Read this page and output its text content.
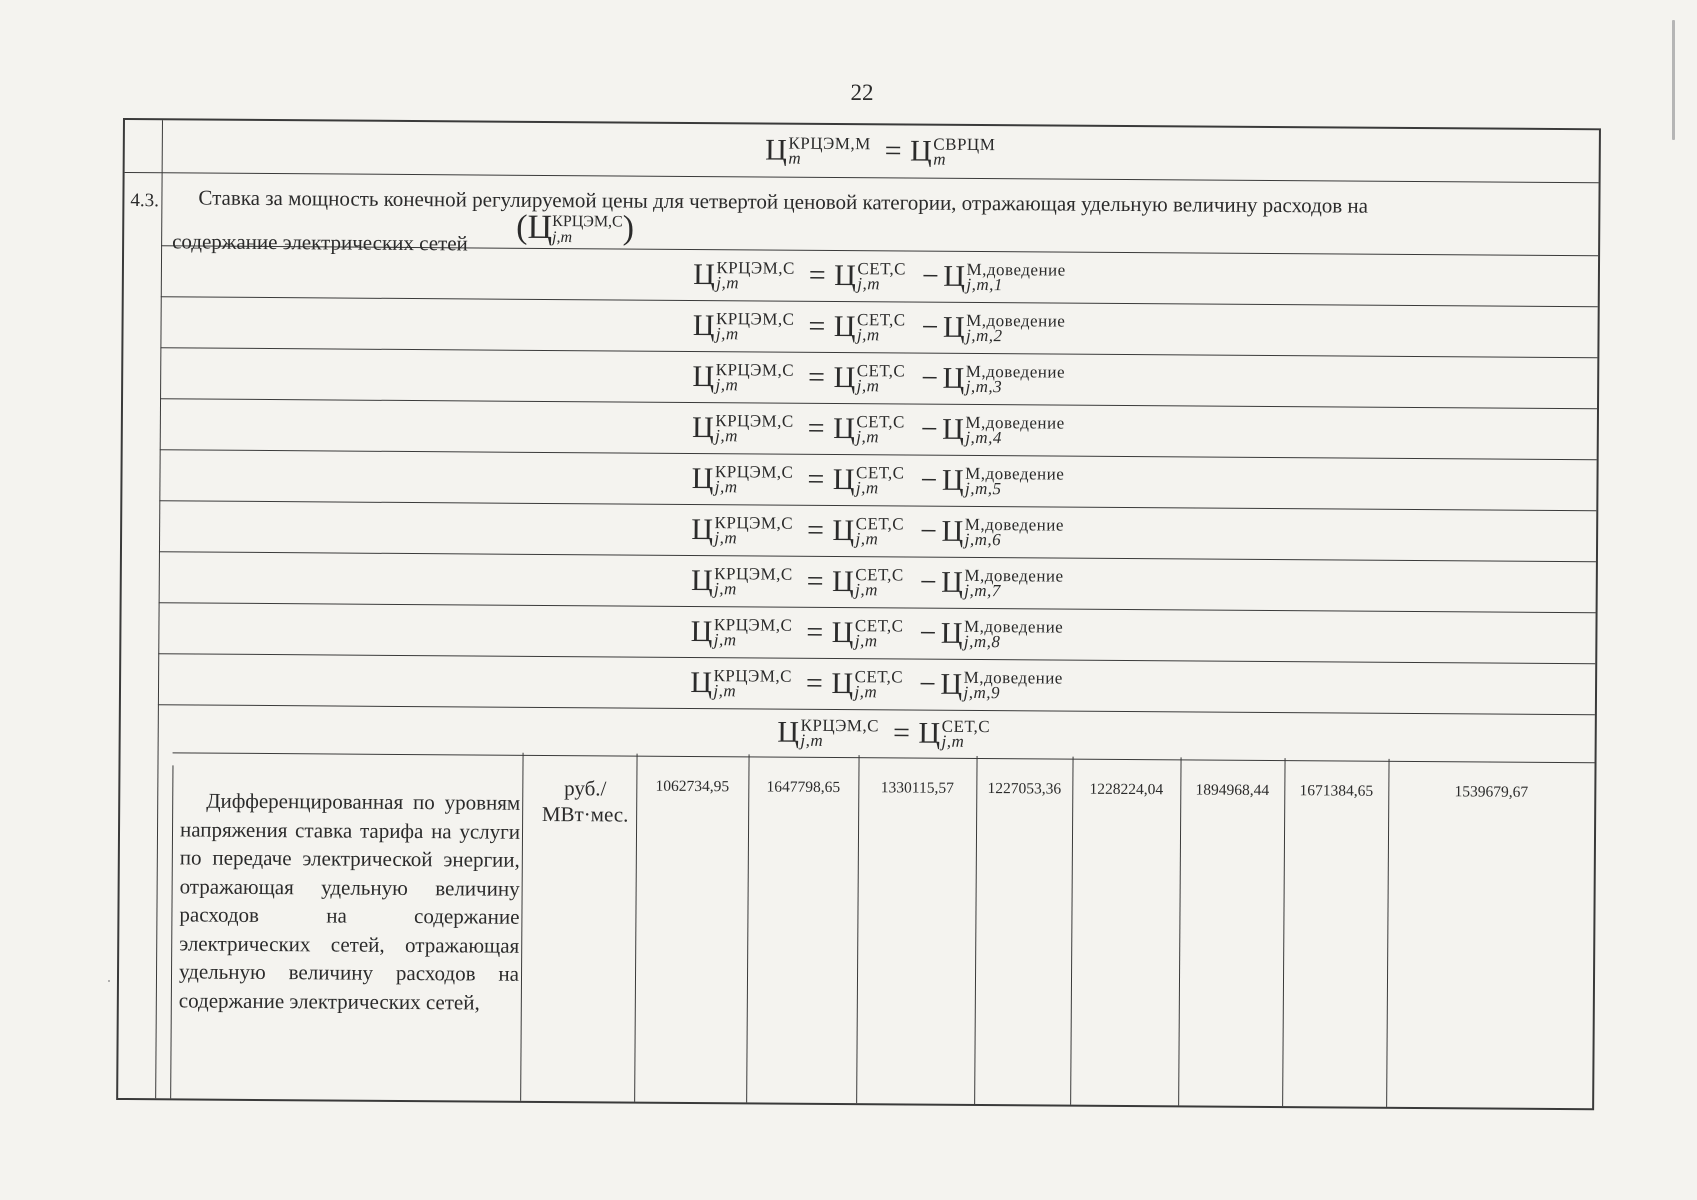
22
Ц КРЦЭМ,М
m	= Ц СВРЦМ
m
4.3.	Ставка за мощность конечной регулируемой цены для четвертой ценовой категории, отражающая удельную величину расходов на
содержание электрических сетей	(Ц КРЦЭМ,С
j,m	)
Ц КРЦЭМ,С
j,m	= Ц СЕТ,С
j,m	− Ц М,доведение
j,m,1
Ц КРЦЭМ,С
j,m	= Ц СЕТ,С
j,m	− Ц М,доведение
j,m,2
Ц КРЦЭМ,С
j,m	= Ц СЕТ,С
j,m	− Ц М,доведение
j,m,3
Ц КРЦЭМ,С
j,m	= Ц СЕТ,С
j,m	− Ц М,доведение
j,m,4
Ц КРЦЭМ,С
j,m	= Ц СЕТ,С
j,m	− Ц М,доведение
j,m,5
Ц КРЦЭМ,С
j,m	= Ц СЕТ,С
j,m	− Ц М,доведение
j,m,6
Ц КРЦЭМ,С
j,m	= Ц СЕТ,С
j,m	− Ц М,доведение
j,m,7
Ц КРЦЭМ,С
j,m	= Ц СЕТ,С
j,m	− Ц М,доведение
j,m,8
Ц КРЦЭМ,С
j,m	= Ц СЕТ,С
j,m	− Ц М,доведение
j,m,9
Ц КРЦЭМ,С
j,m	= Ц СЕТ,С
j,m
Дифференцированная по уровням напряжения ставка тарифа на услуги по передаче электрической энергии, отражающая удельную величину расходов на содержание электрических сетей, отражающая удельную величину расходов на содержание электрических сетей,
руб./
МВт·мес.
1062734,95	1647798,65	1330115,57	1227053,36	1228224,04	1894968,44	1671384,65	1539679,67
